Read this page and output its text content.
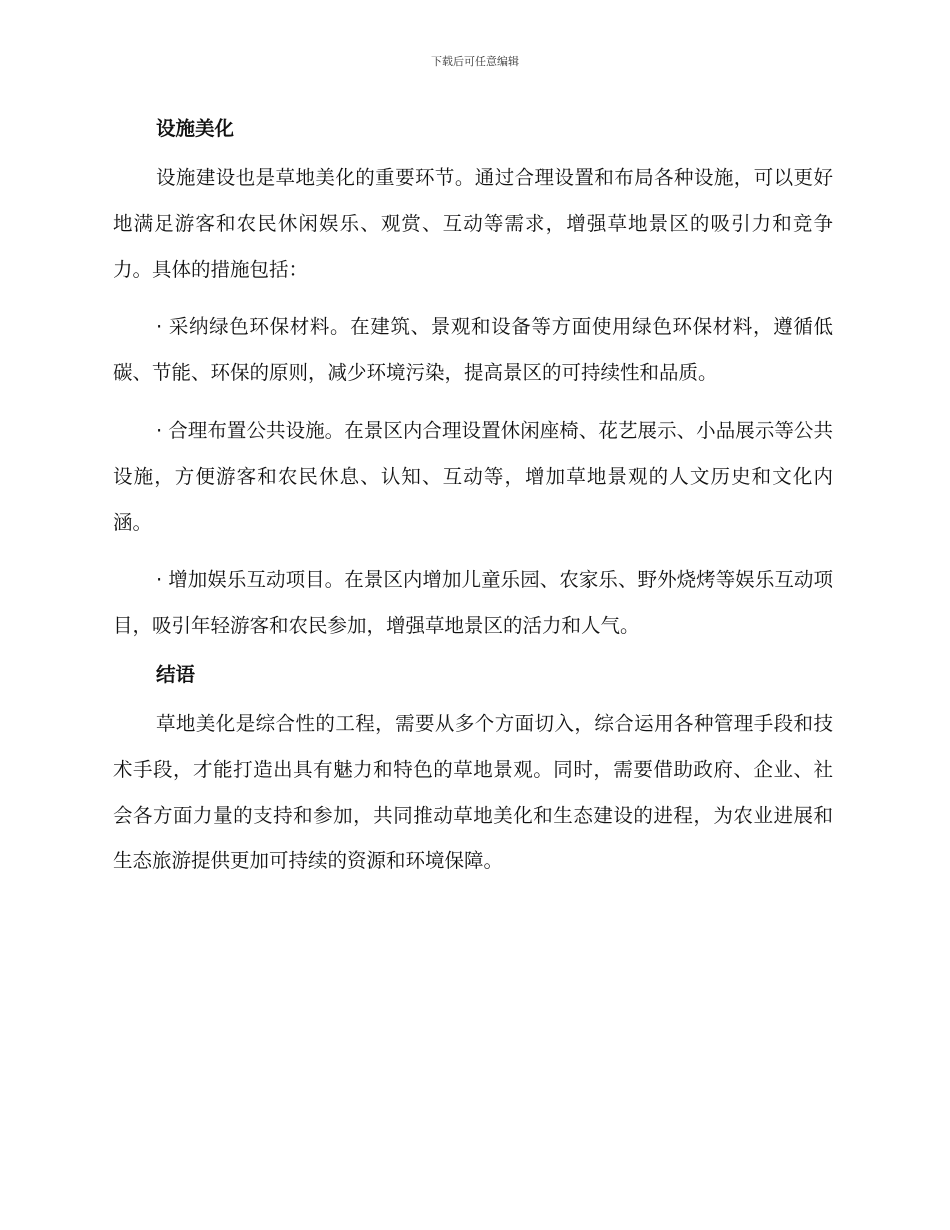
下载后可任意编辑
设施美化

设施建设也是草地美化的重要环节。通过合理设置和布局各种设施，可以更好地满足游客和农民休闲娱乐、观赏、互动等需求，增强草地景区的吸引力和竞争力。具体的措施包括：

· 采纳绿色环保材料。在建筑、景观和设备等方面使用绿色环保材料，遵循低碳、节能、环保的原则，减少环境污染，提高景区的可持续性和品质。

· 合理布置公共设施。在景区内合理设置休闲座椅、花艺展示、小品展示等公共设施，方便游客和农民休息、认知、互动等，增加草地景观的人文历史和文化内涵。

· 增加娱乐互动项目。在景区内增加儿童乐园、农家乐、野外烧烤等娱乐互动项目，吸引年轻游客和农民参加，增强草地景区的活力和人气。

结语

草地美化是综合性的工程，需要从多个方面切入，综合运用各种管理手段和技术手段，才能打造出具有魅力和特色的草地景观。同时，需要借助政府、企业、社会各方面力量的支持和参加，共同推动草地美化和生态建设的进程，为农业进展和生态旅游提供更加可持续的资源和环境保障。
